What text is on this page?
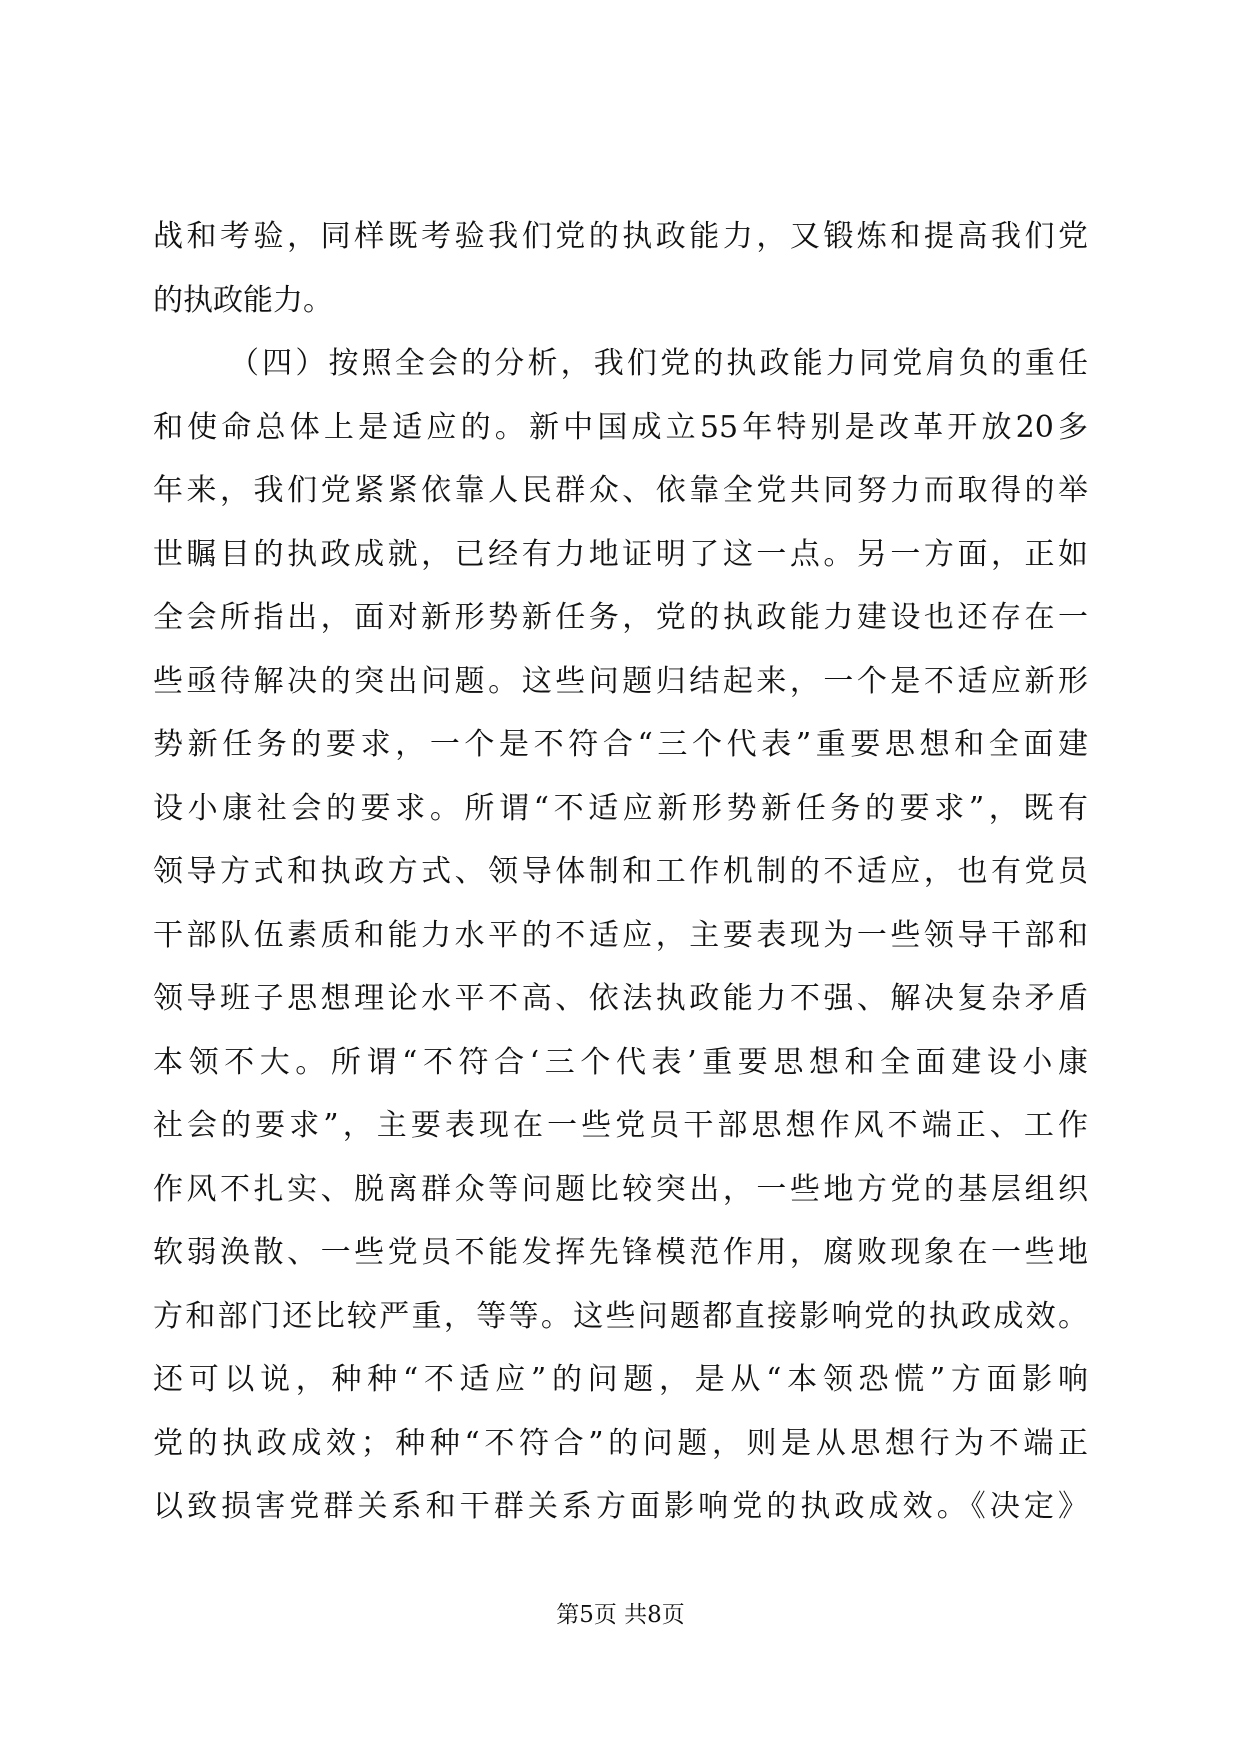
战和考验，同样既考验我们党的执政能力，又锻炼和提高我们党
的执政能力。
（四）按照全会的分析，我们党的执政能力同党肩负的重任
和使命总体上是适应的。新中国成立55年特别是改革开放20多
年来，我们党紧紧依靠人民群众、依靠全党共同努力而取得的举
世瞩目的执政成就，已经有力地证明了这一点。另一方面，正如
全会所指出，面对新形势新任务，党的执政能力建设也还存在一
些亟待解决的突出问题。这些问题归结起来，一个是不适应新形
势新任务的要求，一个是不符合“三个代表”重要思想和全面建
设小康社会的要求。所谓“不适应新形势新任务的要求”，既有
领导方式和执政方式、领导体制和工作机制的不适应，也有党员
干部队伍素质和能力水平的不适应，主要表现为一些领导干部和
领导班子思想理论水平不高、依法执政能力不强、解决复杂矛盾
本领不大。所谓“不符合‘三个代表’重要思想和全面建设小康
社会的要求”，主要表现在一些党员干部思想作风不端正、工作
作风不扎实、脱离群众等问题比较突出，一些地方党的基层组织
软弱涣散、一些党员不能发挥先锋模范作用，腐败现象在一些地
方和部门还比较严重，等等。这些问题都直接影响党的执政成效。
还可以说，种种“不适应”的问题，是从“本领恐慌”方面影响
党的执政成效；种种“不符合”的问题，则是从思想行为不端正
以致损害党群关系和干群关系方面影响党的执政成效。《决定》
第5页 共8页
